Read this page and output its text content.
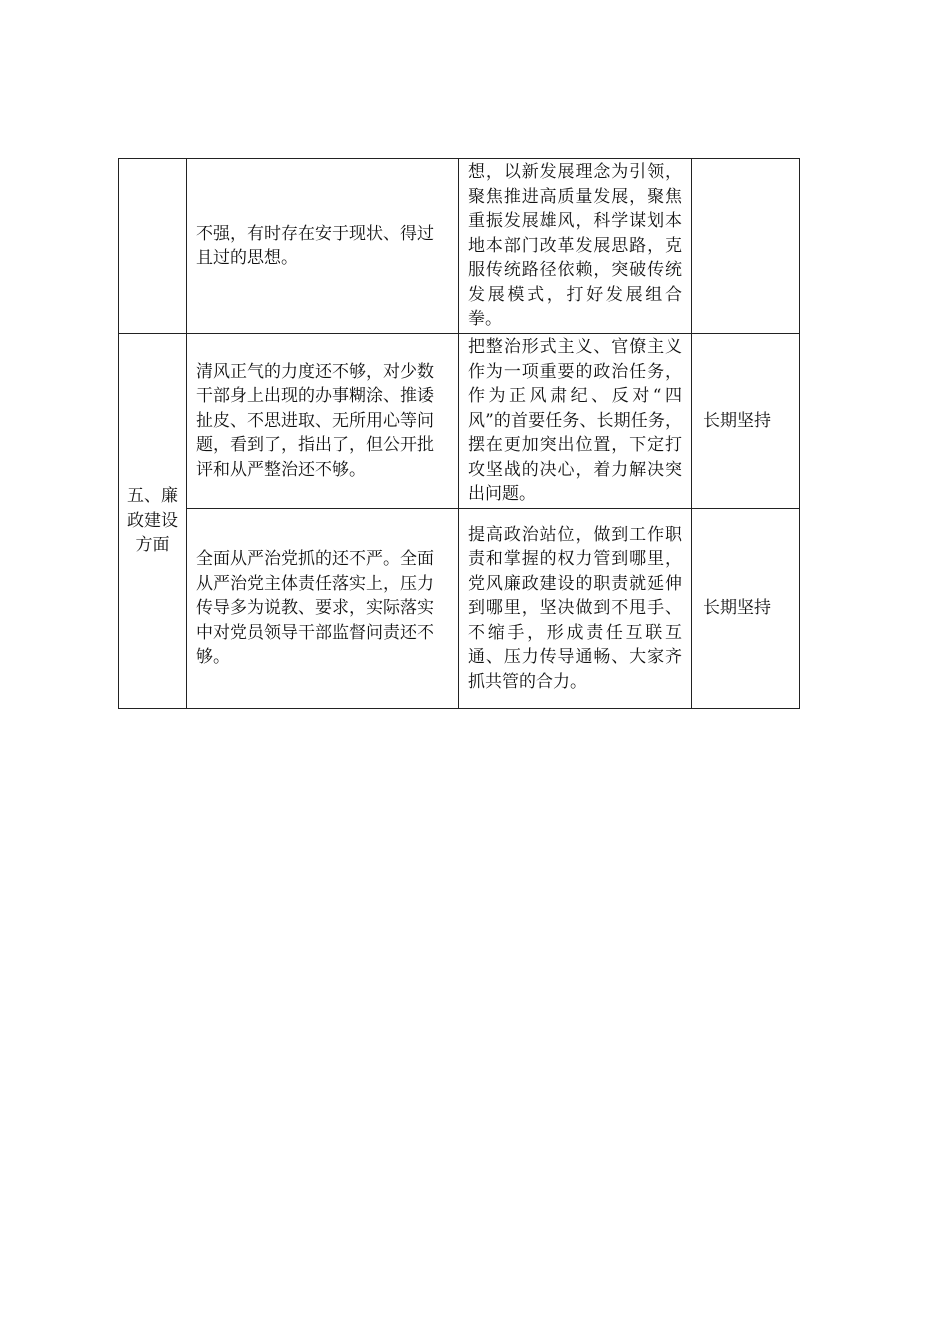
	不强，有时存在安于现状、得过且过的思想。	想，以新发展理念为引领，聚焦推进高质量发展，聚焦重振发展雄风，科学谋划本地本部门改革发展思路，克服传统路径依赖，突破传统发展模式，打好发展组合拳。	
五、廉政建设方面	清风正气的力度还不够，对少数干部身上出现的办事糊涂、推诿扯皮、不思进取、无所用心等问题，看到了，指出了，但公开批评和从严整治还不够。	把整治形式主义、官僚主义作为一项重要的政治任务，作为正风肃纪、反对“四风”的首要任务、长期任务，摆在更加突出位置，下定打攻坚战的决心，着力解决突出问题。	长期坚持
	全面从严治党抓的还不严。全面从严治党主体责任落实上，压力传导多为说教、要求，实际落实中对党员领导干部监督问责还不够。	提高政治站位，做到工作职责和掌握的权力管到哪里，党风廉政建设的职责就延伸到哪里，坚决做到不甩手、不缩手，形成责任互联互通、压力传导通畅、大家齐抓共管的合力。	长期坚持
